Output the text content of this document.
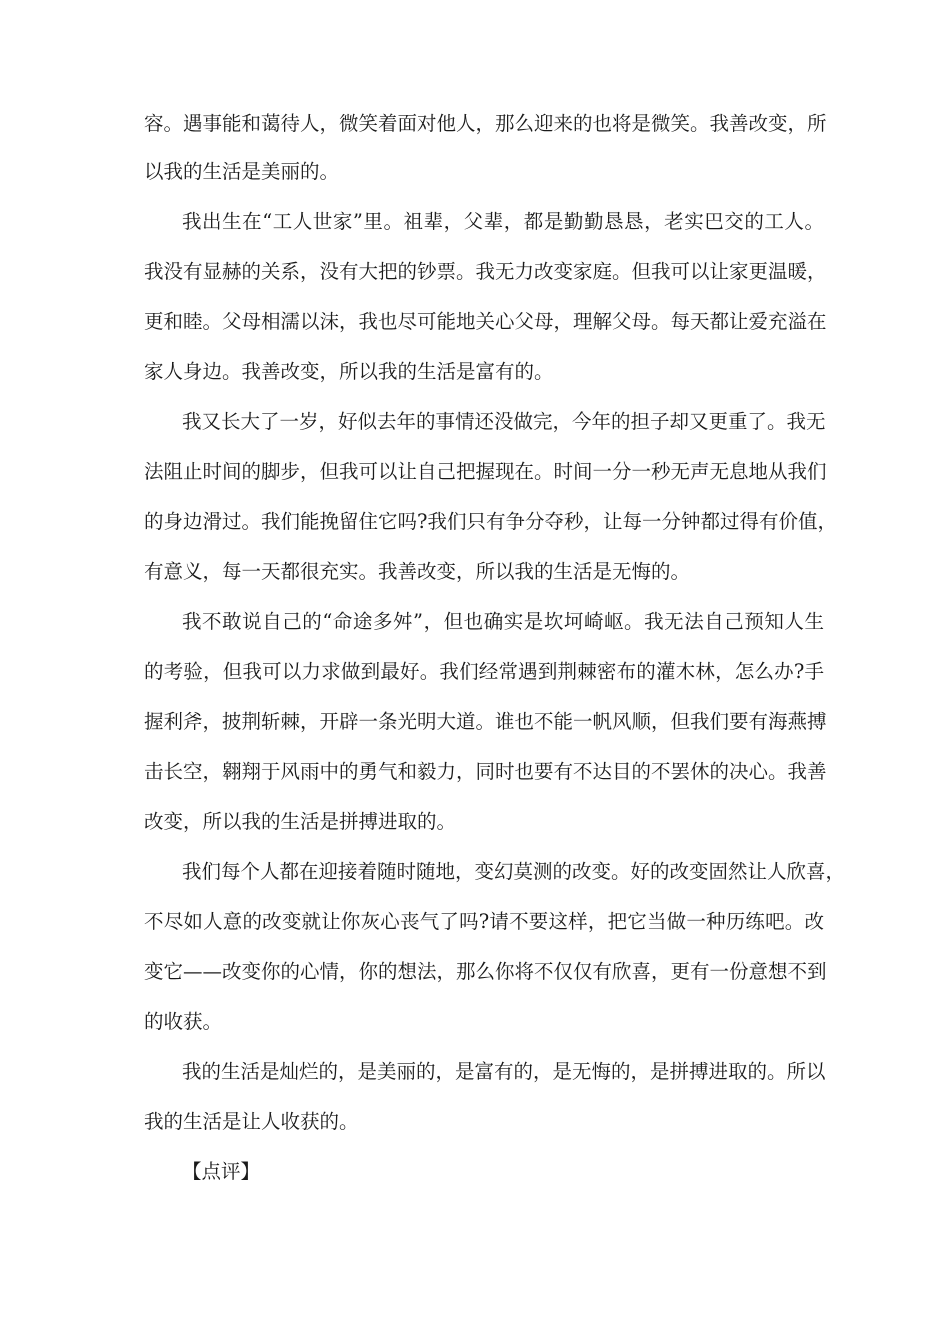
容。遇事能和蔼待人，微笑着面对他人，那么迎来的也将是微笑。我善改变，所
以我的生活是美丽的。
我出生在“工人世家”里。祖辈，父辈，都是勤勤恳恳，老实巴交的工人。
我没有显赫的关系，没有大把的钞票。我无力改变家庭。但我可以让家更温暖，
更和睦。父母相濡以沫，我也尽可能地关心父母，理解父母。每天都让爱充溢在
家人身边。我善改变，所以我的生活是富有的。
我又长大了一岁，好似去年的事情还没做完，今年的担子却又更重了。我无
法阻止时间的脚步，但我可以让自己把握现在。时间一分一秒无声无息地从我们
的身边滑过。我们能挽留住它吗?我们只有争分夺秒，让每一分钟都过得有价值，
有意义，每一天都很充实。我善改变，所以我的生活是无悔的。
我不敢说自己的“命途多舛”，但也确实是坎坷崎岖。我无法自己预知人生
的考验，但我可以力求做到最好。我们经常遇到荆棘密布的灌木林，怎么办?手
握利斧，披荆斩棘，开辟一条光明大道。谁也不能一帆风顺，但我们要有海燕搏
击长空，翱翔于风雨中的勇气和毅力，同时也要有不达目的不罢休的决心。我善
改变，所以我的生活是拼搏进取的。
我们每个人都在迎接着随时随地，变幻莫测的改变。好的改变固然让人欣喜，
不尽如人意的改变就让你灰心丧气了吗?请不要这样，把它当做一种历练吧。改
变它——改变你的心情，你的想法，那么你将不仅仅有欣喜，更有一份意想不到
的收获。
我的生活是灿烂的，是美丽的，是富有的，是无悔的，是拼搏进取的。所以
我的生活是让人收获的。
【点评】
